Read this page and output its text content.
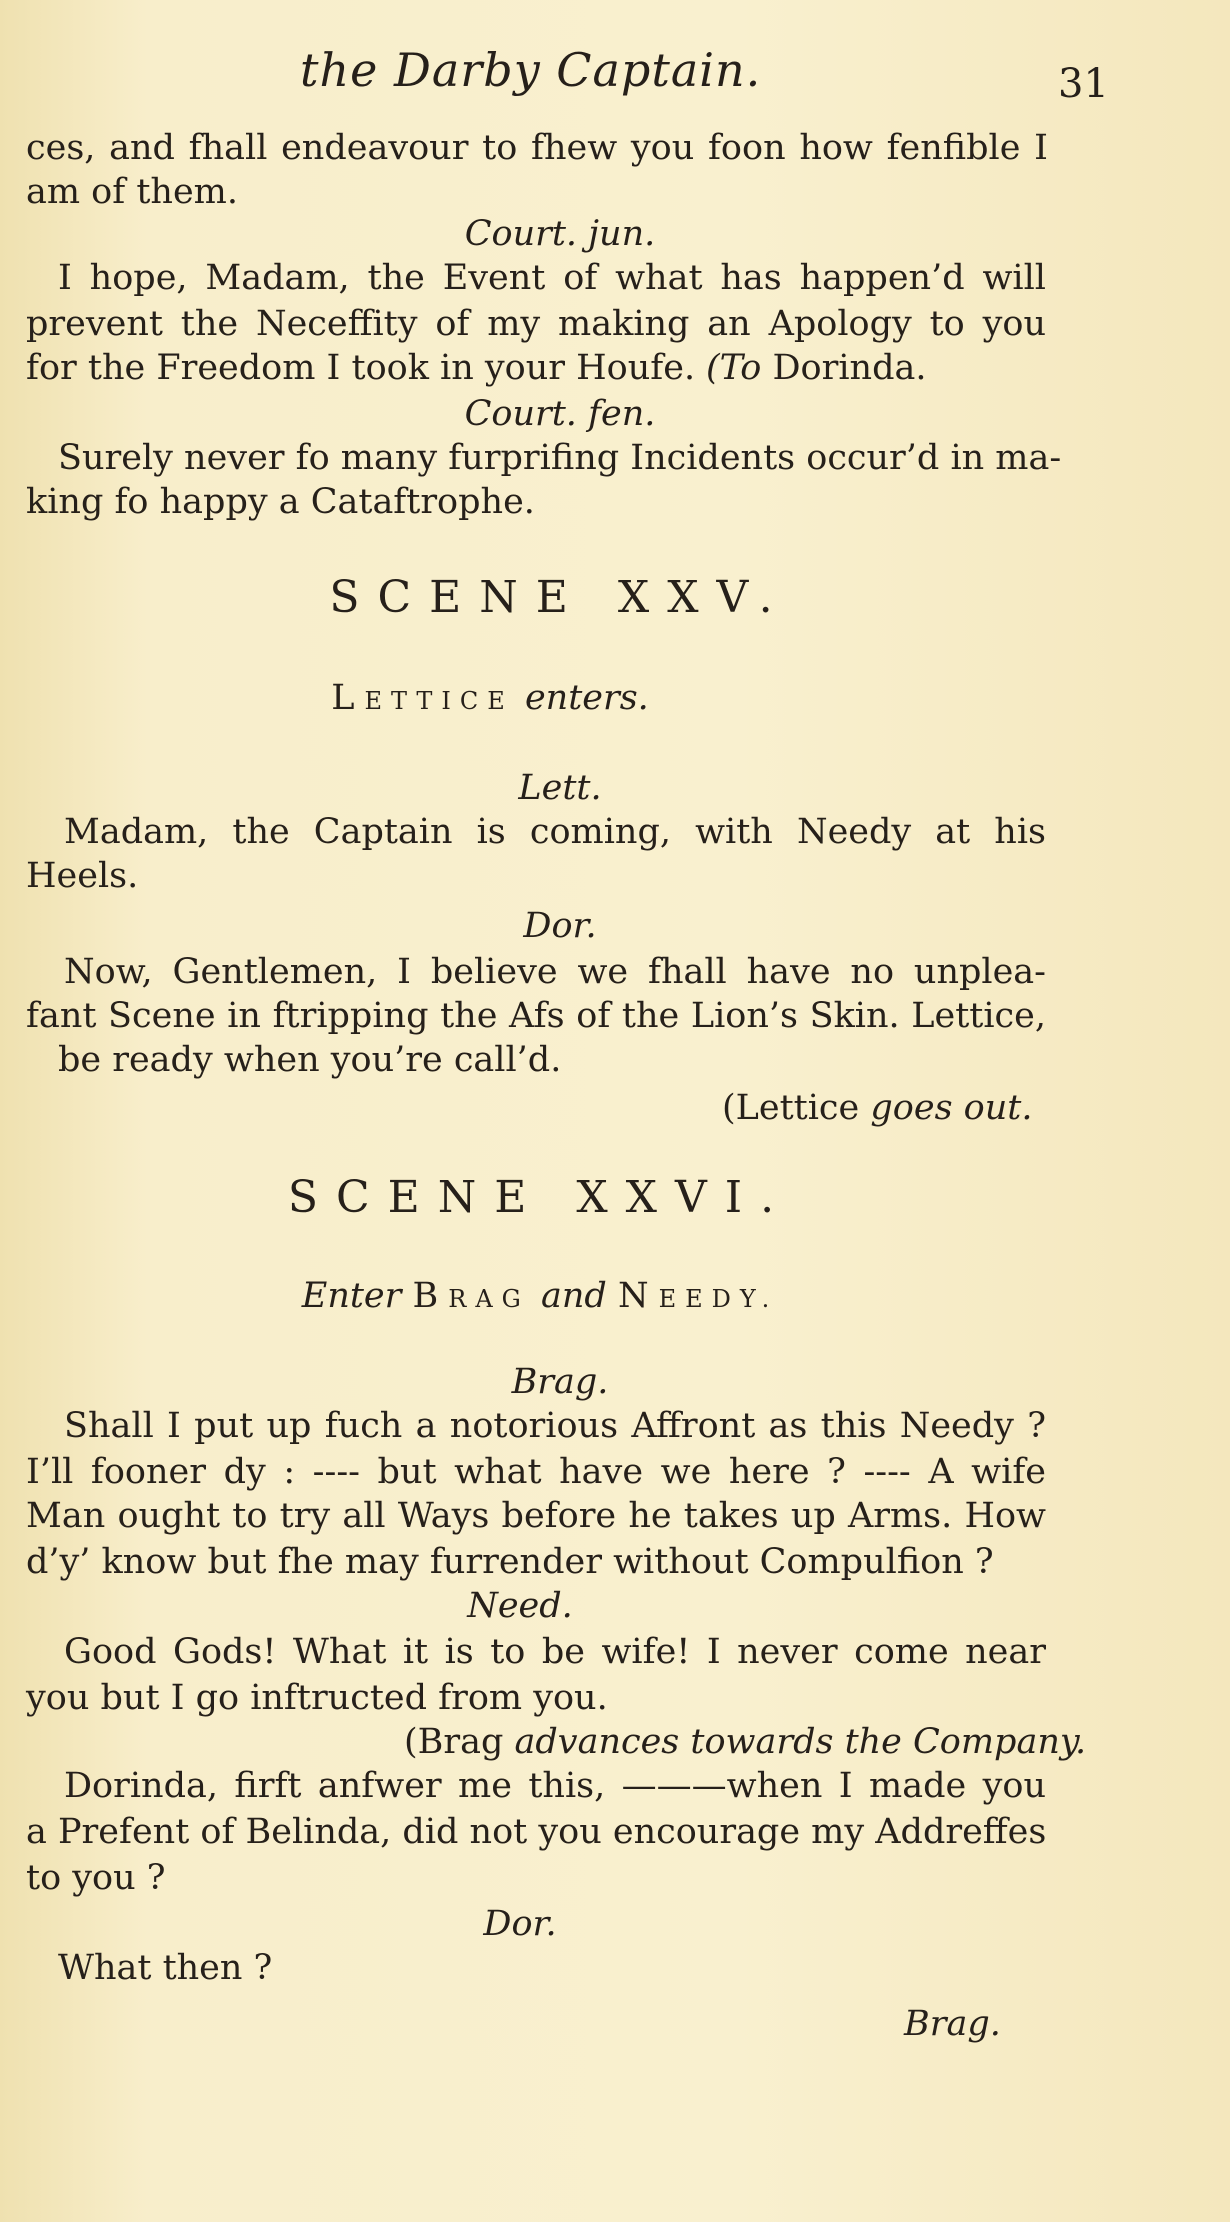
the Darby Captain.	31
ces, and fhall endeavour to fhew you foon how fenfible I
am of them.
Court. jun.
I hope, Madam, the Event of what has happen’d will
prevent the Neceffity of my making an Apology to you
for the Freedom I took in your Houfe. (To Dorinda.
Court. fen.
Surely never fo many furprifing Incidents occur’d in ma-
king fo happy a Cataftrophe.
SCENE XXV.
LETTICE enters.
Lett.
Madam, the Captain is coming, with Needy at his
Heels.
Dor.
Now, Gentlemen, I believe we fhall have no unplea-
fant Scene in ftripping the Afs of the Lion’s Skin. Lettice,
be ready when you’re call’d.
(Lettice goes out.
SCENE XXVI.
Enter BRAG and NEEDY.
Brag.
Shall I put up fuch a notorious Affront as this Needy ?
I’ll fooner dy : ---- but what have we here ? ---- A wife
Man ought to try all Ways before he takes up Arms. How
d’y’ know but fhe may furrender without Compulfion ?
Need.
Good Gods! What it is to be wife! I never come near
you but I go inftructed from you.
(Brag advances towards the Company.
Dorinda, firft anfwer me this, ———when I made you
a Prefent of Belinda, did not you encourage my Addreffes
to you ?
Dor.
What then ?
Brag.
